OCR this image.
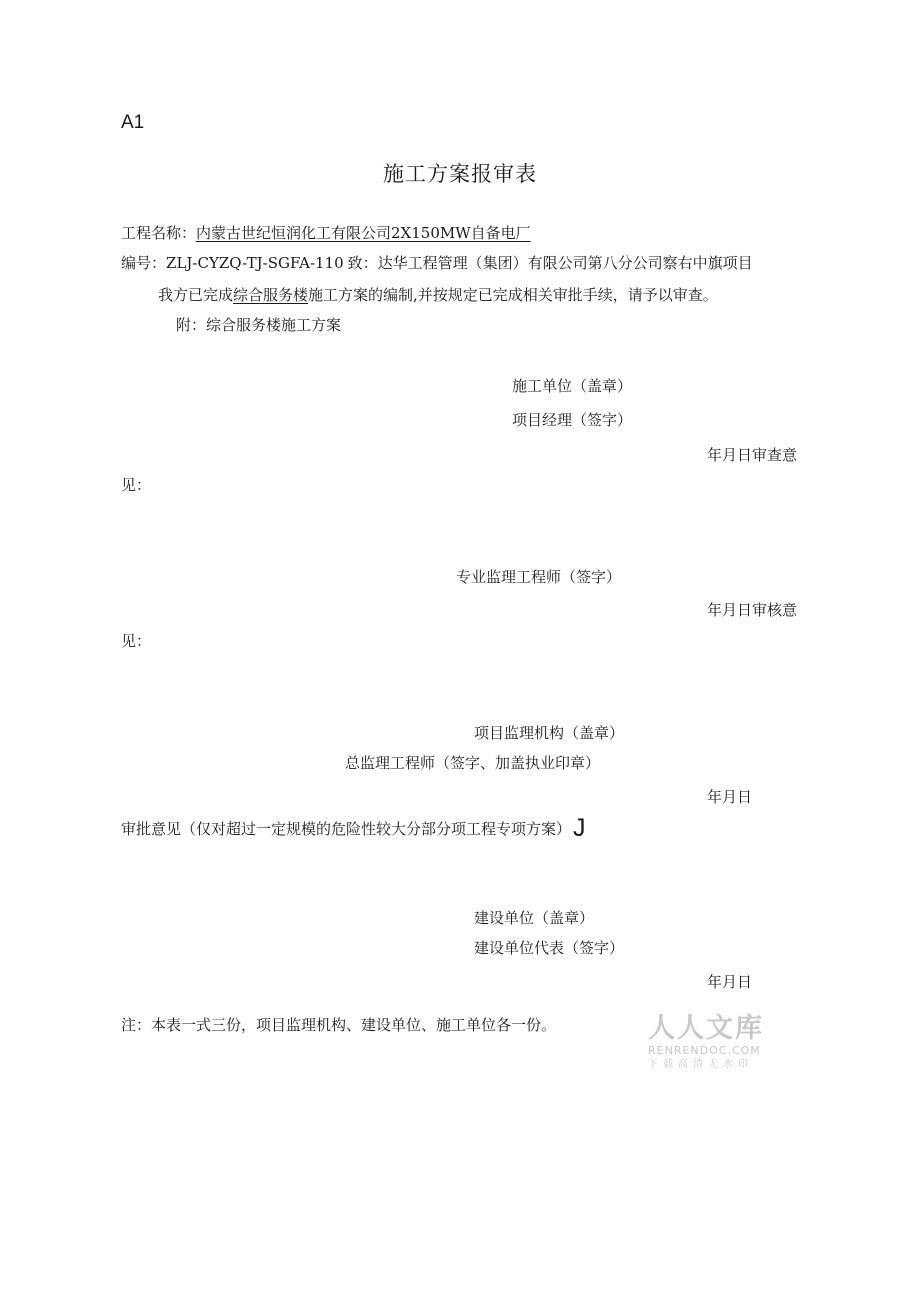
A1
施工方案报审表
工程名称：内蒙古世纪恒润化工有限公司2X150MW自备电厂
编号：ZLJ-CYZQ-TJ-SGFA-110 致：达华工程管理（集团）有限公司第八分公司察右中旗项目
我方已完成综合服务楼施工方案的编制,并按规定已完成相关审批手续，请予以审查。
附：综合服务楼施工方案
施工单位（盖章）
项目经理（签字）
年月日审查意
见：
专业监理工程师（签字）
年月日审核意
见：
项目监理机构（盖章）
总监理工程师（签字、加盖执业印章）
年月日
审批意见（仅对超过一定规模的危险性较大分部分项工程专项方案）J
建设单位（盖章）
建设单位代表（签字）
年月日
注：本表一式三份，项目监理机构、建设单位、施工单位各一份。	人人文库
RENRENDOC.COM
下载高清无水印
